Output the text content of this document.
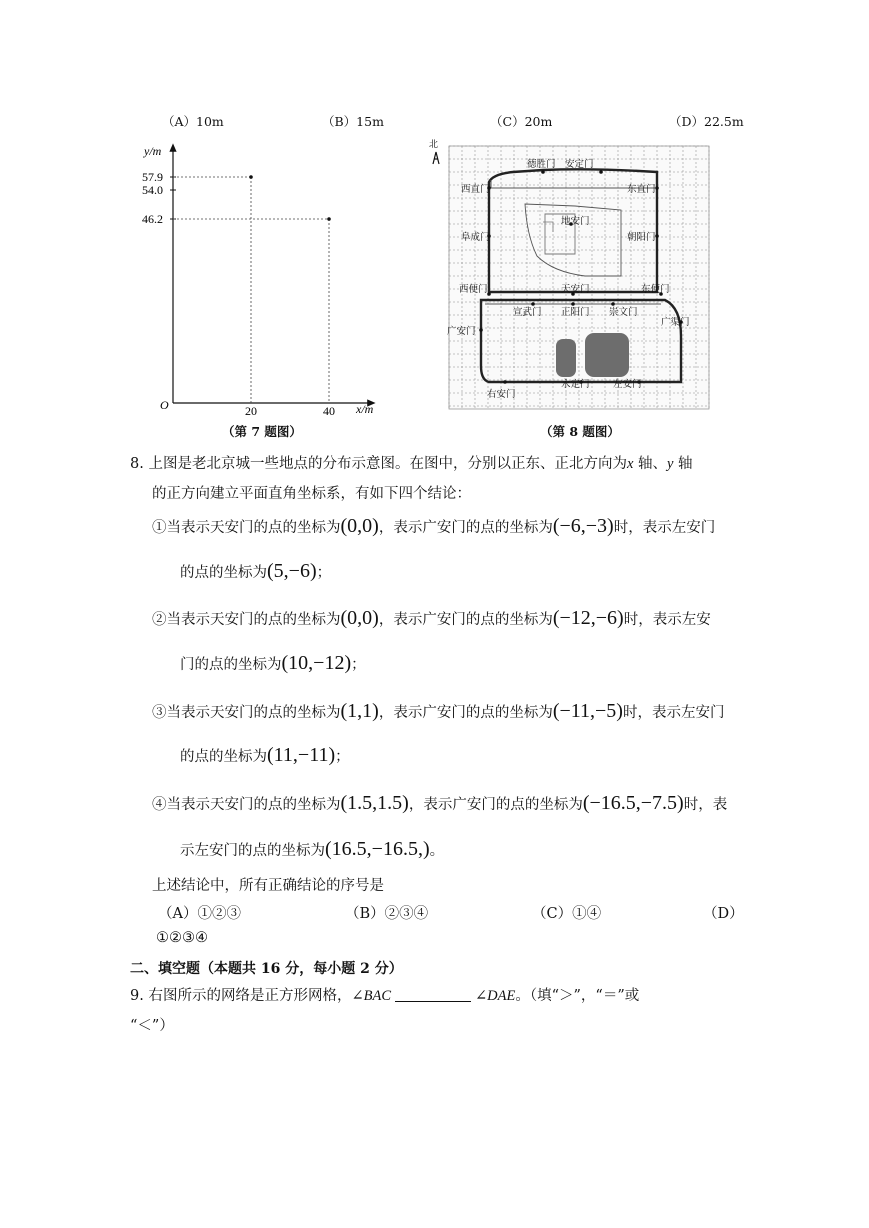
（A）10m	（B）15m	（C）20m	（D）22.5m
y/m
x/m
O
57.9
54.0
46.2
20	40
（第 7 题图）
北
德胜门 安定门
西直门	东直门
地安门
阜成门	朝阳门
西便门	天安门	东便门
宣武门 正阳门 崇文门
广安门
广渠门
永定门 左安门
右安门
（第 8 题图）
8. 上图是老北京城一些地点的分布示意图。在图中，分别以正东、正北方向为x 轴、y 轴
的正方向建立平面直角坐标系，有如下四个结论：
①当表示天安门的点的坐标为(0,0)，表示广安门的点的坐标为(−6,−3)时，表示左安门
的点的坐标为(5,−6)；
②当表示天安门的点的坐标为(0,0)，表示广安门的点的坐标为(−12,−6)时，表示左安
门的点的坐标为(10,−12)；
③当表示天安门的点的坐标为(1,1)，表示广安门的点的坐标为(−11,−5)时，表示左安门
的点的坐标为(11,−11)；
④当表示天安门的点的坐标为(1.5,1.5)，表示广安门的点的坐标为(−16.5,−7.5)时，表
示左安门的点的坐标为(16.5,−16.5,)。
上述结论中，所有正确结论的序号是
（A）①②③	（B）②③④	（C）①④	（D）
①②③④
二、填空题（本题共 16 分，每小题 2 分）
9. 右图所示的网络是正方形网格，∠BAC	∠DAE。（填“＞”，“＝”或
“＜”）
